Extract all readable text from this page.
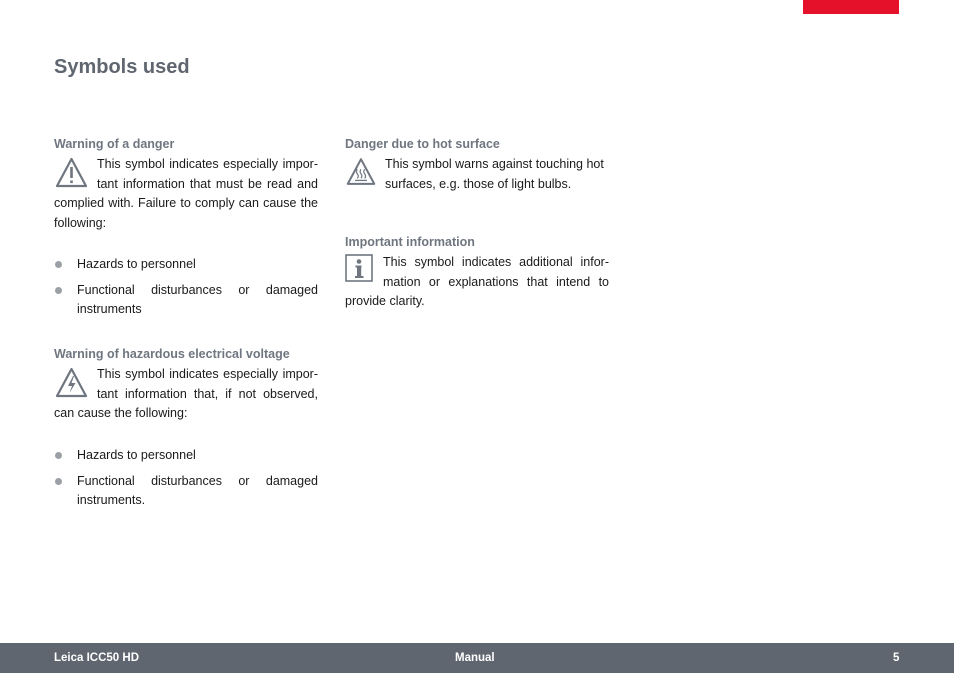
Symbols used
Warning of a danger

This symbol indicates especially impor-tant information that must be read and complied with. Failure to comply can cause the following:

Hazards to personnel
Functional disturbances or damaged instruments
Warning of hazardous electrical voltage

This symbol indicates especially impor-tant information that, if not observed, can cause the following:

Hazards to personnel
Functional disturbances or damaged instruments.
Danger due to hot surface

This symbol warns against touching hot surfaces, e.g. those of light bulbs.

Important information

This symbol indicates additional infor-mation or explanations that intend to provide clarity.

Leica ICC50 HD	Manual	5
